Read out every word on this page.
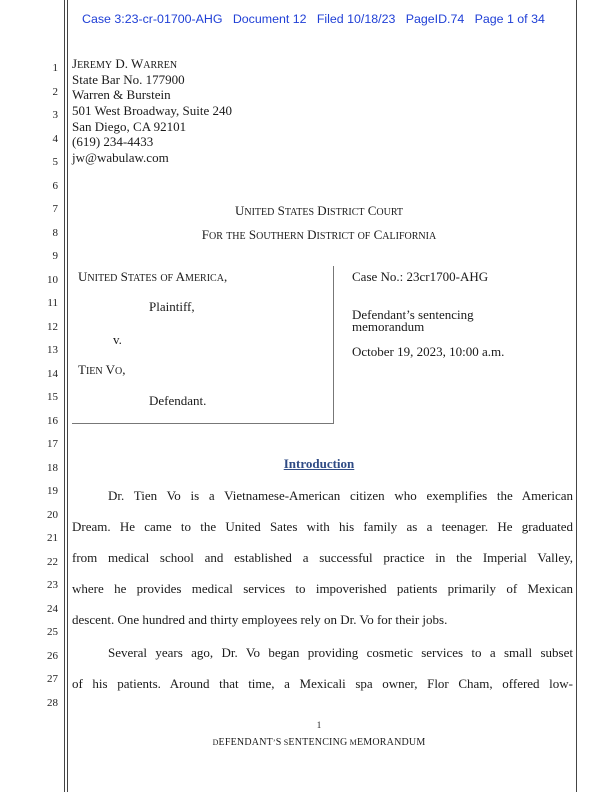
Case 3:23-cr-01700-AHG   Document 12   Filed 10/18/23   PageID.74   Page 1 of 34
1
2
3
4
5
6
7
8
9
10
11
12
13
14
15
16
17
18
19
20
21
22
23
24
25
26
27
28
JEREMY D. WARREN
State Bar No. 177900
Warren & Burstein
501 West Broadway, Suite 240
San Diego, CA 92101
(619) 234-4433
jw@wabulaw.com
UNITED STATES DISTRICT COURT
FOR THE SOUTHERN DISTRICT OF CALIFORNIA
UNITED STATES OF AMERICA,
Plaintiff,
v.
TIEN VO,
Defendant.
Case No.: 23cr1700-AHG
Defendant’s sentencing
memorandum
October 19, 2023, 10:00 a.m.
Introduction
Dr. Tien Vo is a Vietnamese-American citizen who exemplifies the American
Dream. He came to the United Sates with his family as a teenager. He graduated
from medical school and established a successful practice in the Imperial Valley,
where he provides medical services to impoverished patients primarily of Mexican
descent. One hundred and thirty employees rely on Dr. Vo for their jobs.
Several years ago, Dr. Vo began providing cosmetic services to a small subset
of his patients. Around that time, a Mexicali spa owner, Flor Cham, offered low-
1
DEFENDANT’S SENTENCING MEMORANDUM
